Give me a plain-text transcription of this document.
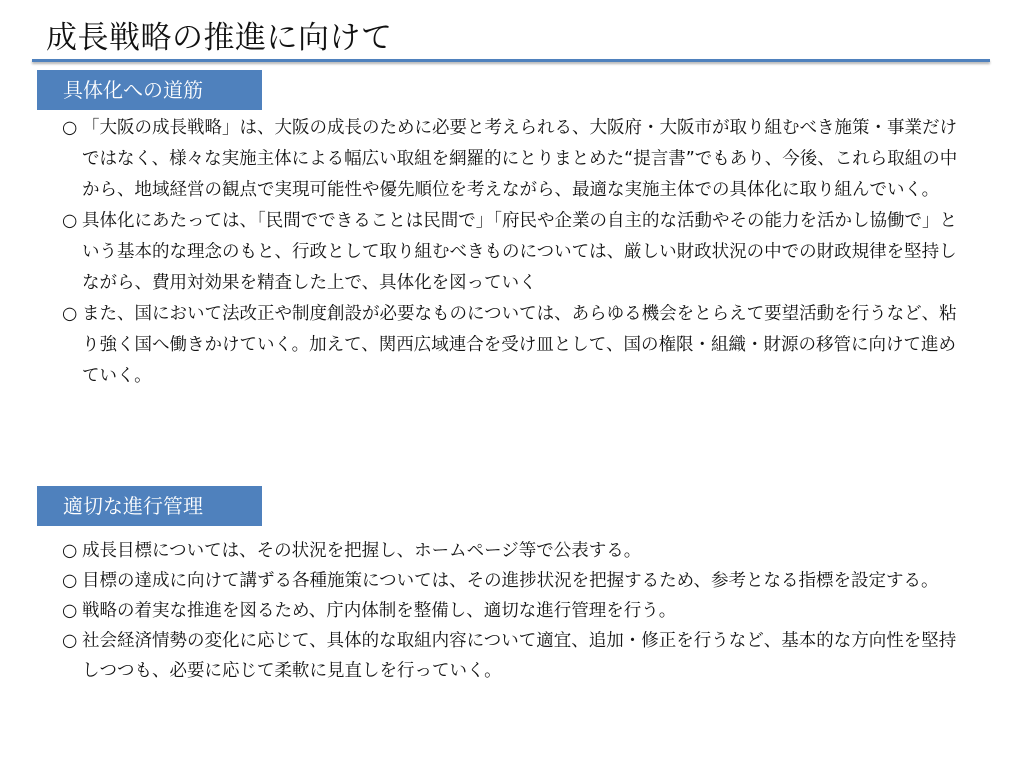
成長戦略の推進に向けて
具体化への道筋
○ 「大阪の成長戦略」は、大阪の成長のために必要と考えられる、大阪府・大阪市が取り組むべき施策・事業だけではなく、様々な実施主体による幅広い取組を網羅的にとりまとめた“提言書”でもあり、今後、これら取組の中から、地域経営の観点で実現可能性や優先順位を考えながら、最適な実施主体での具体化に取り組んでいく。
○ 具体化にあたっては、「民間でできることは民間で」「府民や企業の自主的な活動やその能力を活かし協働で」という基本的な理念のもと、行政として取り組むべきものについては、厳しい財政状況の中での財政規律を堅持しながら、費用対効果を精査した上で、具体化を図っていく
○ また、国において法改正や制度創設が必要なものについては、あらゆる機会をとらえて要望活動を行うなど、粘り強く国へ働きかけていく。加えて、関西広域連合を受け皿として、国の権限・組織・財源の移管に向けて進めていく。
適切な進行管理
○ 成長目標については、その状況を把握し、ホームページ等で公表する。
○ 目標の達成に向けて講ずる各種施策については、その進捗状況を把握するため、参考となる指標を設定する。
○ 戦略の着実な推進を図るため、庁内体制を整備し、適切な進行管理を行う。
○ 社会経済情勢の変化に応じて、具体的な取組内容について適宜、追加・修正を行うなど、基本的な方向性を堅持しつつも、必要に応じて柔軟に見直しを行っていく。
